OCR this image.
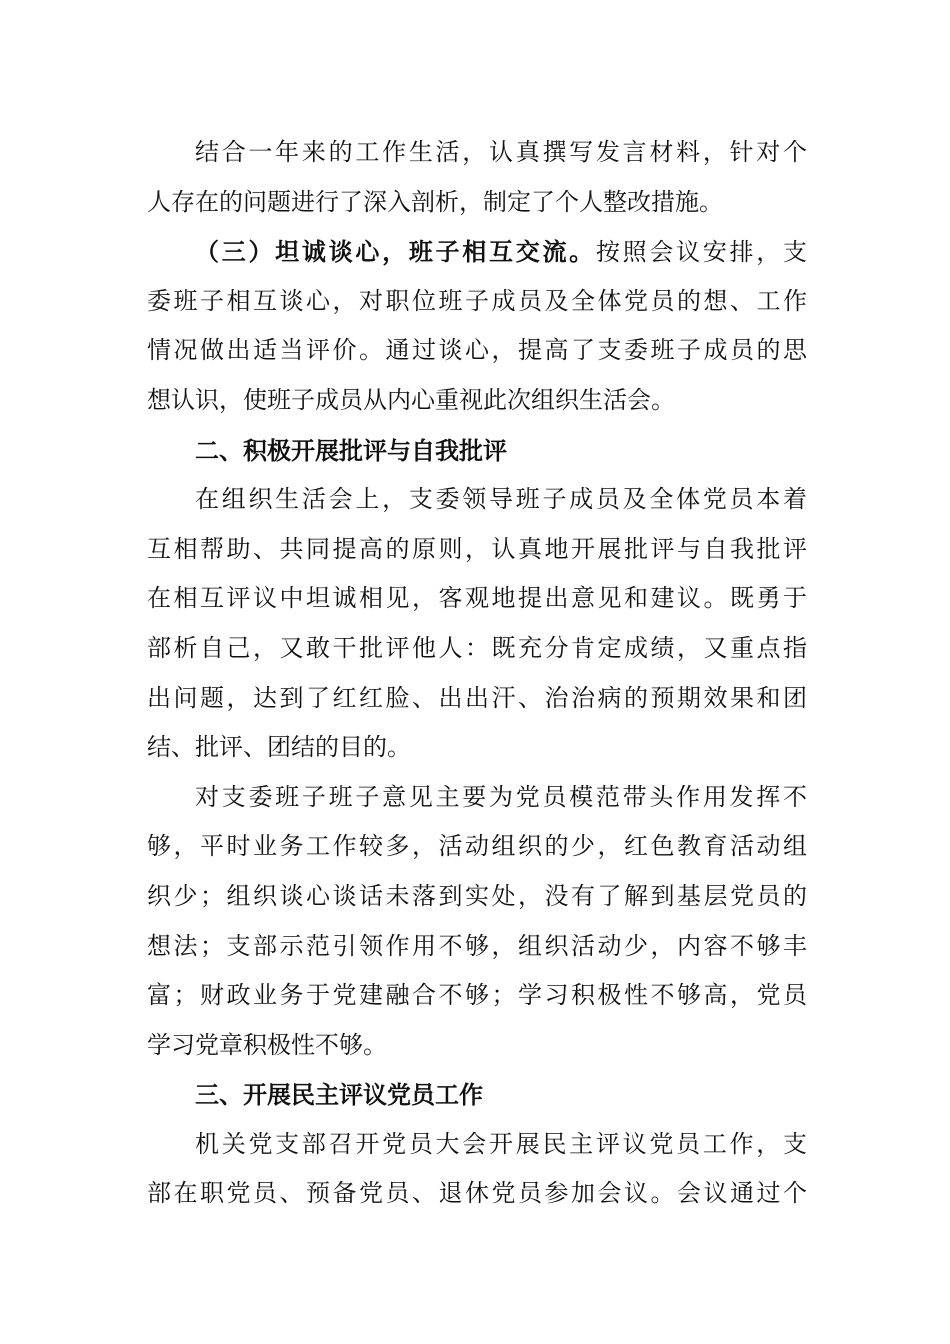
结合一年来的工作生活，认真撰写发言材料，针对个
人存在的问题进行了深入剖析，制定了个人整改措施。
（三）坦诚谈心，班子相互交流。按照会议安排，支
委班子相互谈心，对职位班子成员及全体党员的想、工作
情况做出适当评价。通过谈心，提高了支委班子成员的思
想认识，使班子成员从内心重视此次组织生活会。
二、积极开展批评与自我批评
在组织生活会上，支委领导班子成员及全体党员本着
互相帮助、共同提高的原则，认真地开展批评与自我批评
在相互评议中坦诚相见，客观地提出意见和建议。既勇于
部析自己，又敢干批评他人：既充分肯定成绩，又重点指
出问题，达到了红红脸、出出汗、治治病的预期效果和团
结、批评、团结的目的。
对支委班子班子意见主要为党员模范带头作用发挥不
够，平时业务工作较多，活动组织的少，红色教育活动组
织少；组织谈心谈话未落到实处，没有了解到基层党员的
想法；支部示范引领作用不够，组织活动少，内容不够丰
富；财政业务于党建融合不够；学习积极性不够高，党员
学习党章积极性不够。
三、开展民主评议党员工作
机关党支部召开党员大会开展民主评议党员工作，支
部在职党员、预备党员、退休党员参加会议。会议通过个
